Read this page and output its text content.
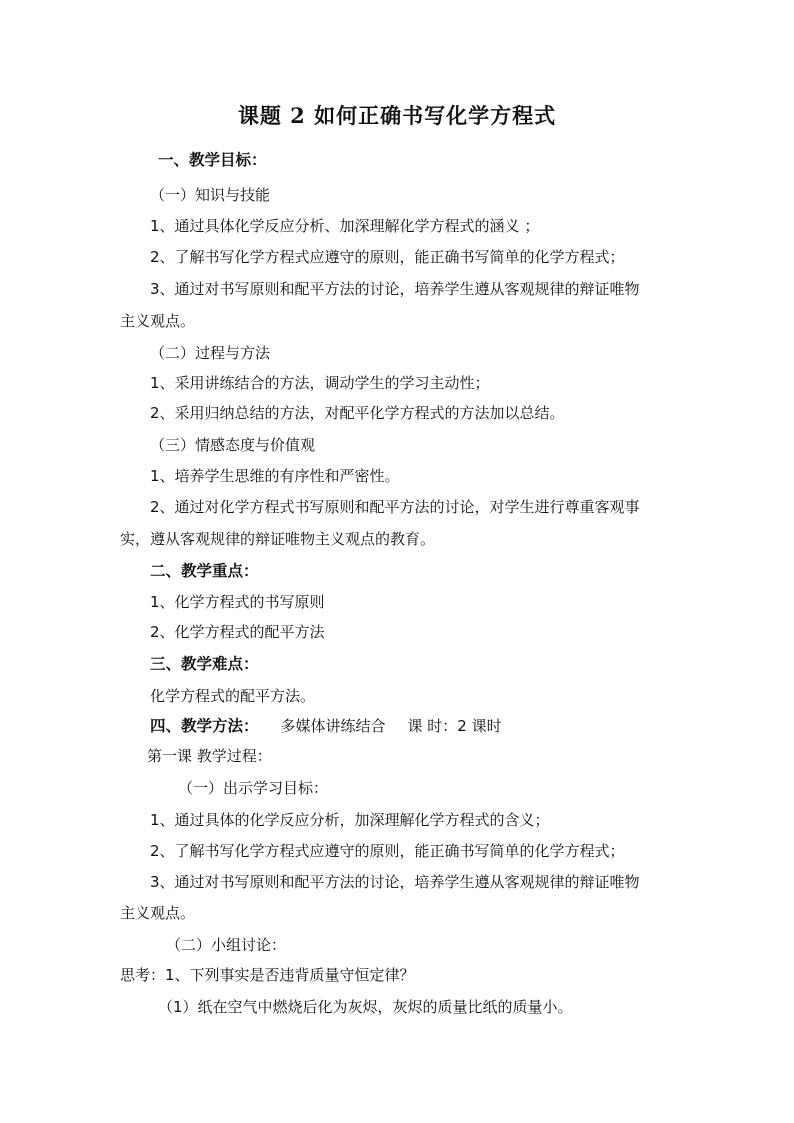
课题 2 如何正确书写化学方程式
一、教学目标：
（一）知识与技能
1、通过具体化学反应分析、加深理解化学方程式的涵义 ；
2、了解书写化学方程式应遵守的原则，能正确书写简单的化学方程式；
3、通过对书写原则和配平方法的讨论，培养学生遵从客观规律的辩证唯物
主义观点。
（二）过程与方法
1、采用讲练结合的方法，调动学生的学习主动性；
2、采用归纳总结的方法，对配平化学方程式的方法加以总结。
（三）情感态度与价值观
1、培养学生思维的有序性和严密性。
2、通过对化学方程式书写原则和配平方法的讨论，对学生进行尊重客观事
实，遵从客观规律的辩证唯物主义观点的教育。
二、教学重点：
1、化学方程式的书写原则
2、化学方程式的配平方法
三、教学难点：
化学方程式的配平方法。
四、教学方法： 多媒体讲练结合 课 时：2 课时
第一课 教学过程：
（一）出示学习目标：
1、通过具体的化学反应分析，加深理解化学方程式的含义；
2、了解书写化学方程式应遵守的原则，能正确书写简单的化学方程式；
3、通过对书写原则和配平方法的讨论，培养学生遵从客观规律的辩证唯物
主义观点。
（二）小组讨论：
思考：1、下列事实是否违背质量守恒定律？
（1）纸在空气中燃烧后化为灰烬，灰烬的质量比纸的质量小。
